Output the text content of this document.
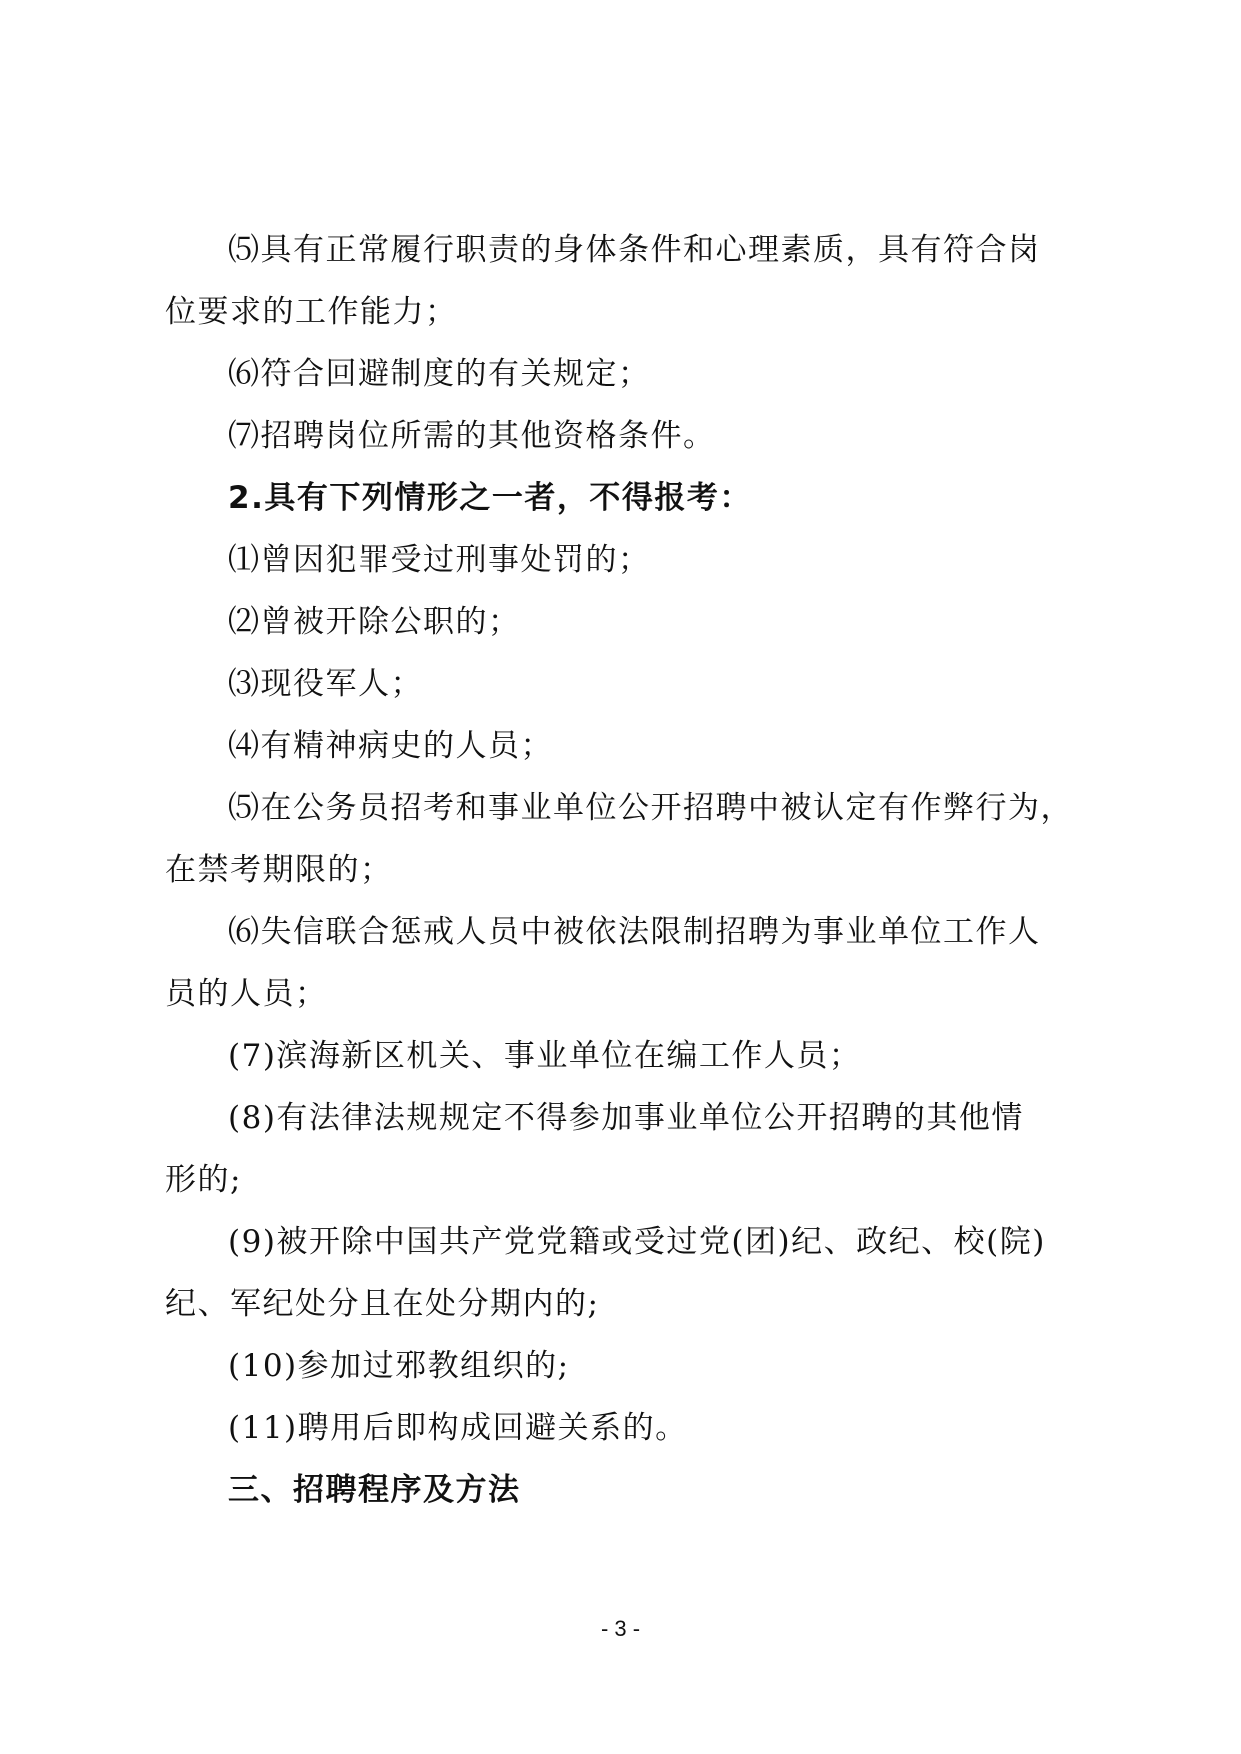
⑸具有正常履行职责的身体条件和心理素质，具有符合岗
位要求的工作能力；
⑹符合回避制度的有关规定；
⑺招聘岗位所需的其他资格条件。
2.具有下列情形之一者，不得报考：
⑴曾因犯罪受过刑事处罚的；
⑵曾被开除公职的；
⑶现役军人；
⑷有精神病史的人员；
⑸在公务员招考和事业单位公开招聘中被认定有作弊行为，
在禁考期限的；
⑹失信联合惩戒人员中被依法限制招聘为事业单位工作人
员的人员；
(7)滨海新区机关、事业单位在编工作人员；
(8)有法律法规规定不得参加事业单位公开招聘的其他情
形的;
(9)被开除中国共产党党籍或受过党(团)纪、政纪、校(院)
纪、军纪处分且在处分期内的;
(10)参加过邪教组织的;
(11)聘用后即构成回避关系的。
三、招聘程序及方法
- 3 -
